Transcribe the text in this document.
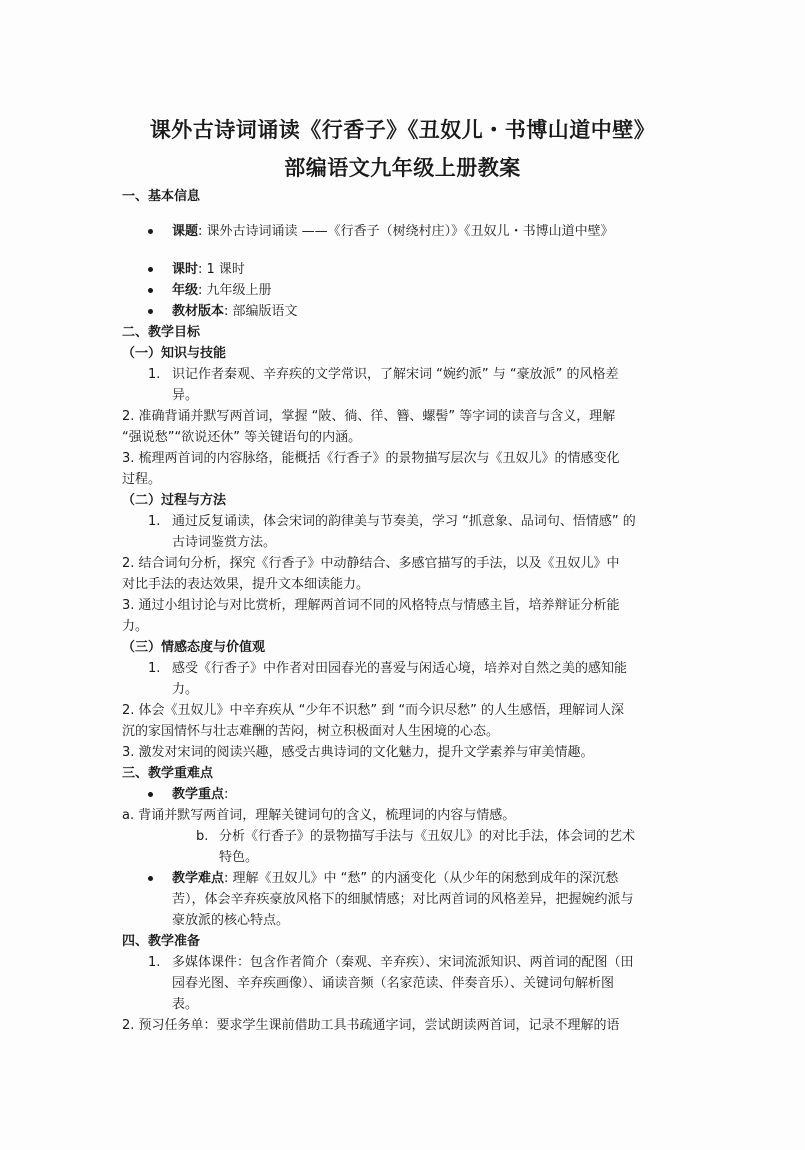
课外古诗词诵读《行香子》《丑奴儿・书博山道中壁》
部编语文九年级上册教案
一、基本信息
课题: 课外古诗词诵读 ——《行香子（树绕村庄）》《丑奴儿・书博山道中壁》
课时: 1 课时
年级: 九年级上册
教材版本: 部编版语文
二、教学目标
（一）知识与技能
1. 识记作者秦观、辛弃疾的文学常识，了解宋词 “婉约派” 与 “豪放派” 的风格差
异。
2. 准确背诵并默写两首词，掌握 “陂、徜、徉、簪、螺髻” 等字词的读音与含义，理解
“强说愁”“欲说还休” 等关键语句的内涵。
3. 梳理两首词的内容脉络，能概括《行香子》的景物描写层次与《丑奴儿》的情感变化
过程。
（二）过程与方法
1. 通过反复诵读，体会宋词的韵律美与节奏美，学习 “抓意象、品词句、悟情感” 的
古诗词鉴赏方法。
2. 结合词句分析，探究《行香子》中动静结合、多感官描写的手法，以及《丑奴儿》中
对比手法的表达效果，提升文本细读能力。
3. 通过小组讨论与对比赏析，理解两首词不同的风格特点与情感主旨，培养辩证分析能
力。
（三）情感态度与价值观
1. 感受《行香子》中作者对田园春光的喜爱与闲适心境，培养对自然之美的感知能
力。
2. 体会《丑奴儿》中辛弃疾从 “少年不识愁” 到 “而今识尽愁” 的人生感悟，理解词人深
沉的家国情怀与壮志难酬的苦闷，树立积极面对人生困境的心态。
3. 激发对宋词的阅读兴趣，感受古典诗词的文化魅力，提升文学素养与审美情趣。
三、教学重难点
教学重点:
a. 背诵并默写两首词，理解关键词句的含义，梳理词的内容与情感。
b. 分析《行香子》的景物描写手法与《丑奴儿》的对比手法，体会词的艺术
特色。
教学难点: 理解《丑奴儿》中 “愁” 的内涵变化（从少年的闲愁到成年的深沉愁
苦），体会辛弃疾豪放风格下的细腻情感；对比两首词的风格差异，把握婉约派与
豪放派的核心特点。
四、教学准备
1. 多媒体课件：包含作者简介（秦观、辛弃疾）、宋词流派知识、两首词的配图（田
园春光图、辛弃疾画像）、诵读音频（名家范读、伴奏音乐）、关键词句解析图
表。
2. 预习任务单：要求学生课前借助工具书疏通字词，尝试朗读两首词，记录不理解的语
